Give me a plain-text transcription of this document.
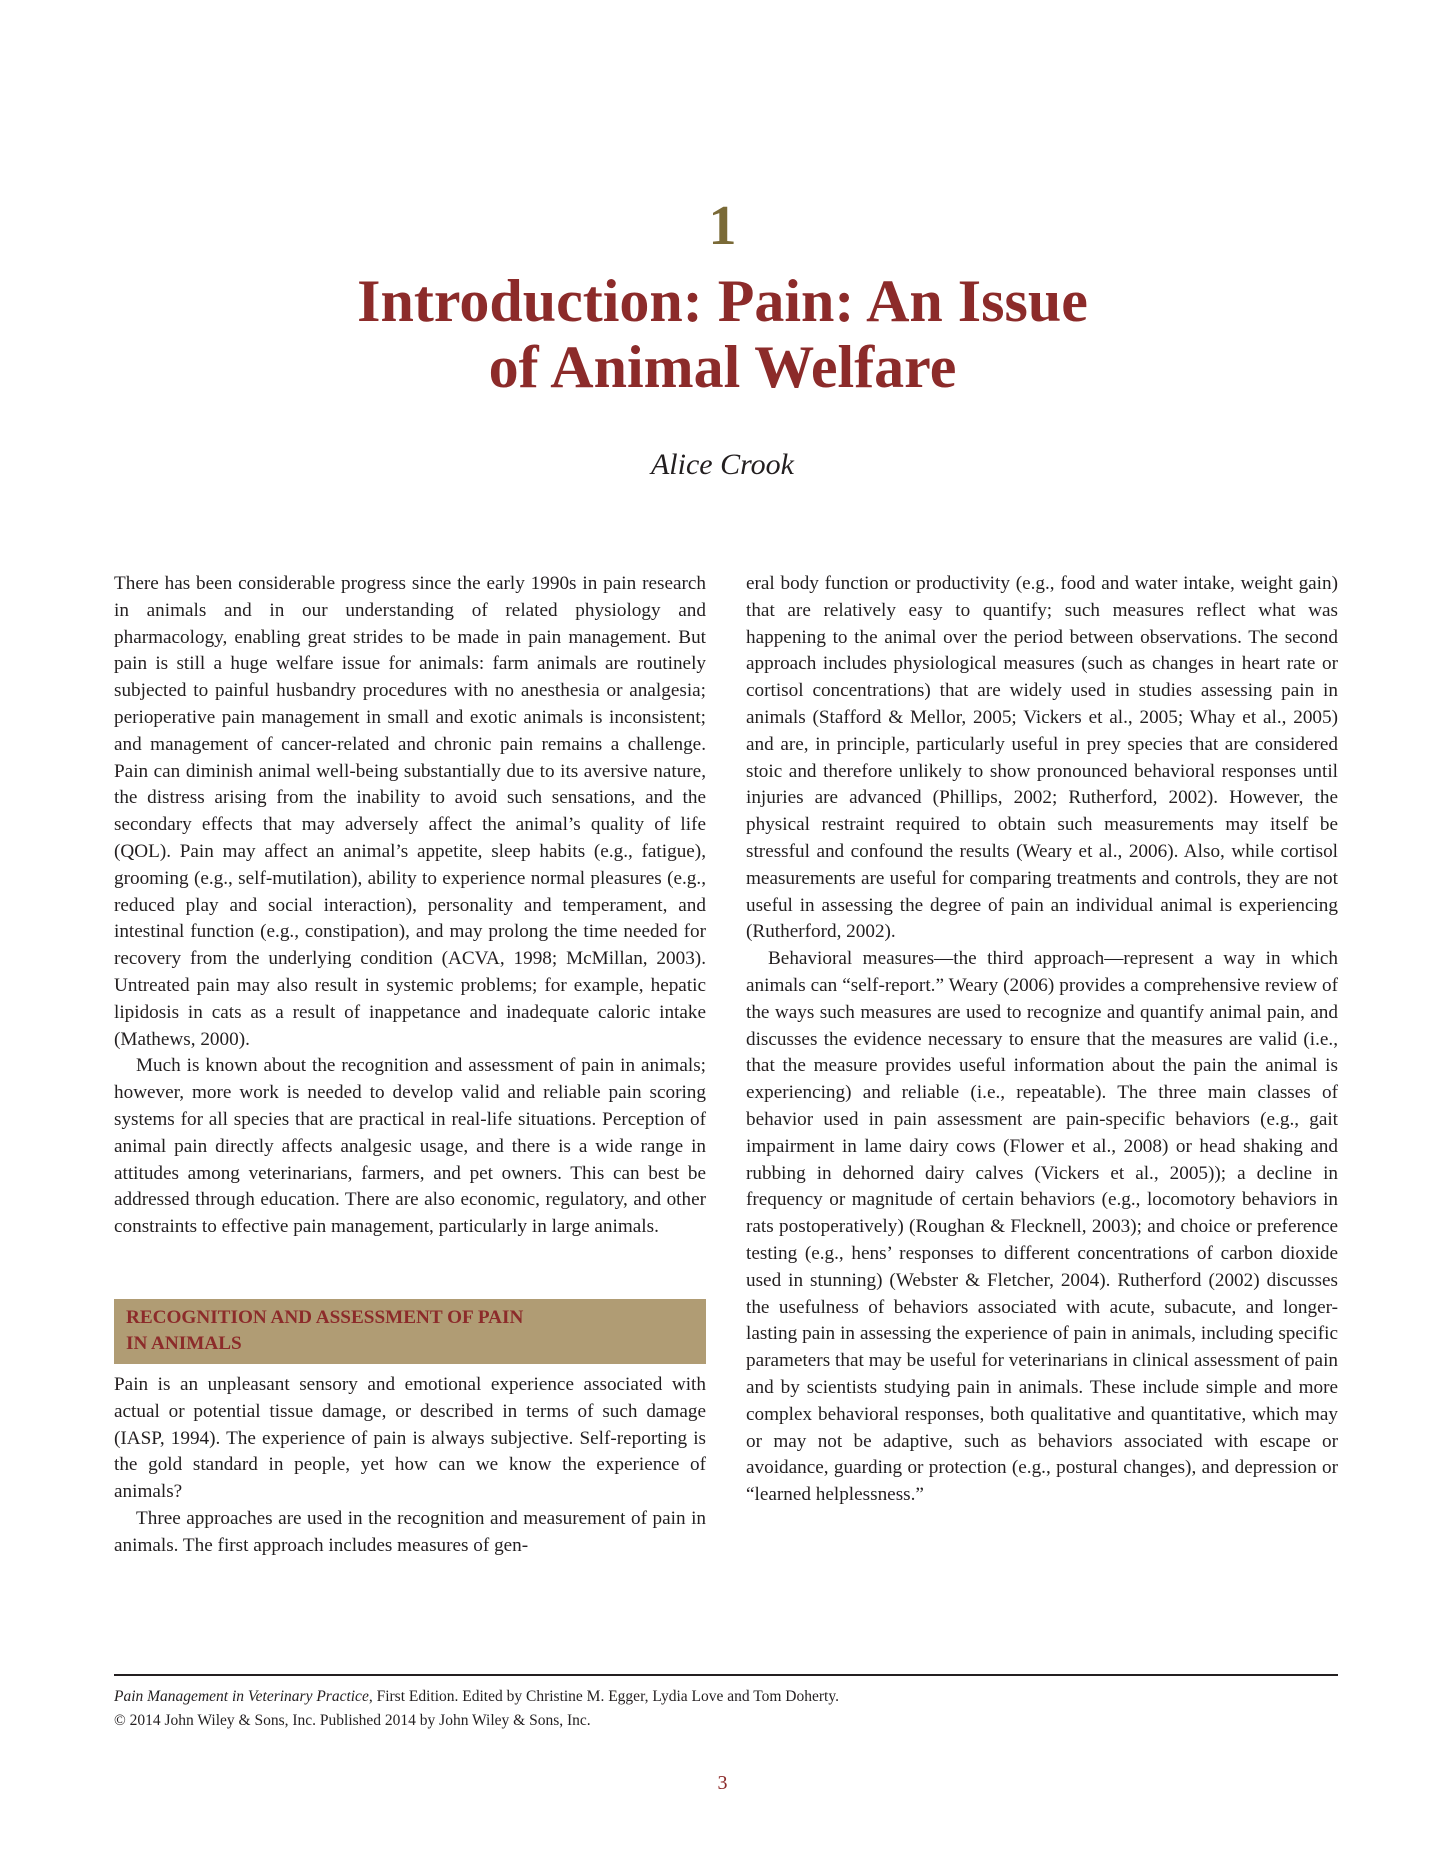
1
Introduction: Pain: An Issue
of Animal Welfare
Alice Crook

There has been considerable progress since the early 1990s in pain research in animals and in our understanding of related physiology and pharmacology, enabling great strides to be made in pain management. But pain is still a huge welfare issue for animals: farm animals are routinely subjected to painful husbandry procedures with no anesthesia or analgesia; perioperative pain management in small and exotic animals is inconsistent; and management of cancer-related and chronic pain remains a challenge. Pain can diminish animal well-being substantially due to its aversive nature, the distress arising from the inability to avoid such sensations, and the secondary effects that may adversely affect the animal’s quality of life (QOL). Pain may affect an animal’s appetite, sleep habits (e.g., fatigue), grooming (e.g., self-mutilation), ability to experience normal pleasures (e.g., reduced play and social interaction), personality and temperament, and intestinal function (e.g., constipation), and may prolong the time needed for recovery from the underlying condition (ACVA, 1998; McMillan, 2003). Untreated pain may also result in systemic problems; for example, hepatic lipidosis in cats as a result of inappetance and inadequate caloric intake (Mathews, 2000).

Much is known about the recognition and assessment of pain in animals; however, more work is needed to develop valid and reliable pain scoring systems for all species that are practical in real-life situations. Perception of animal pain directly affects analgesic usage, and there is a wide range in attitudes among veterinarians, farmers, and pet owners. This can best be addressed through education. There are also economic, regulatory, and other constraints to effective pain management, particularly in large animals.

RECOGNITION AND ASSESSMENT OF PAIN
IN ANIMALS

Pain is an unpleasant sensory and emotional experience associated with actual or potential tissue damage, or described in terms of such damage (IASP, 1994). The experience of pain is always subjective. Self-reporting is the gold standard in people, yet how can we know the experience of animals?

Three approaches are used in the recognition and measurement of pain in animals. The first approach includes measures of gen-

eral body function or productivity (e.g., food and water intake, weight gain) that are relatively easy to quantify; such measures reflect what was happening to the animal over the period between observations. The second approach includes physiological measures (such as changes in heart rate or cortisol concentrations) that are widely used in studies assessing pain in animals (Stafford & Mellor, 2005; Vickers et al., 2005; Whay et al., 2005) and are, in principle, particularly useful in prey species that are considered stoic and therefore unlikely to show pronounced behavioral responses until injuries are advanced (Phillips, 2002; Rutherford, 2002). However, the physical restraint required to obtain such measurements may itself be stressful and confound the results (Weary et al., 2006). Also, while cortisol measurements are useful for comparing treatments and controls, they are not useful in assessing the degree of pain an individual animal is experiencing (Rutherford, 2002).

Behavioral measures—the third approach—represent a way in which animals can “self-report.” Weary (2006) provides a comprehensive review of the ways such measures are used to recognize and quantify animal pain, and discusses the evidence necessary to ensure that the measures are valid (i.e., that the measure provides useful information about the pain the animal is experiencing) and reliable (i.e., repeatable). The three main classes of behavior used in pain assessment are pain-specific behaviors (e.g., gait impairment in lame dairy cows (Flower et al., 2008) or head shaking and rubbing in dehorned dairy calves (Vickers et al., 2005)); a decline in frequency or magnitude of certain behaviors (e.g., locomotory behaviors in rats postoperatively) (Roughan & Flecknell, 2003); and choice or preference testing (e.g., hens’ responses to different concentrations of carbon dioxide used in stunning) (Webster & Fletcher, 2004). Rutherford (2002) discusses the usefulness of behaviors associated with acute, subacute, and longer-lasting pain in assessing the experience of pain in animals, including specific parameters that may be useful for veterinarians in clinical assessment of pain and by scientists studying pain in animals. These include simple and more complex behavioral responses, both qualitative and quantitative, which may or may not be adaptive, such as behaviors associated with escape or avoidance, guarding or protection (e.g., postural changes), and depression or “learned helplessness.”

Pain Management in Veterinary Practice, First Edition. Edited by Christine M. Egger, Lydia Love and Tom Doherty.
© 2014 John Wiley & Sons, Inc. Published 2014 by John Wiley & Sons, Inc.
3
